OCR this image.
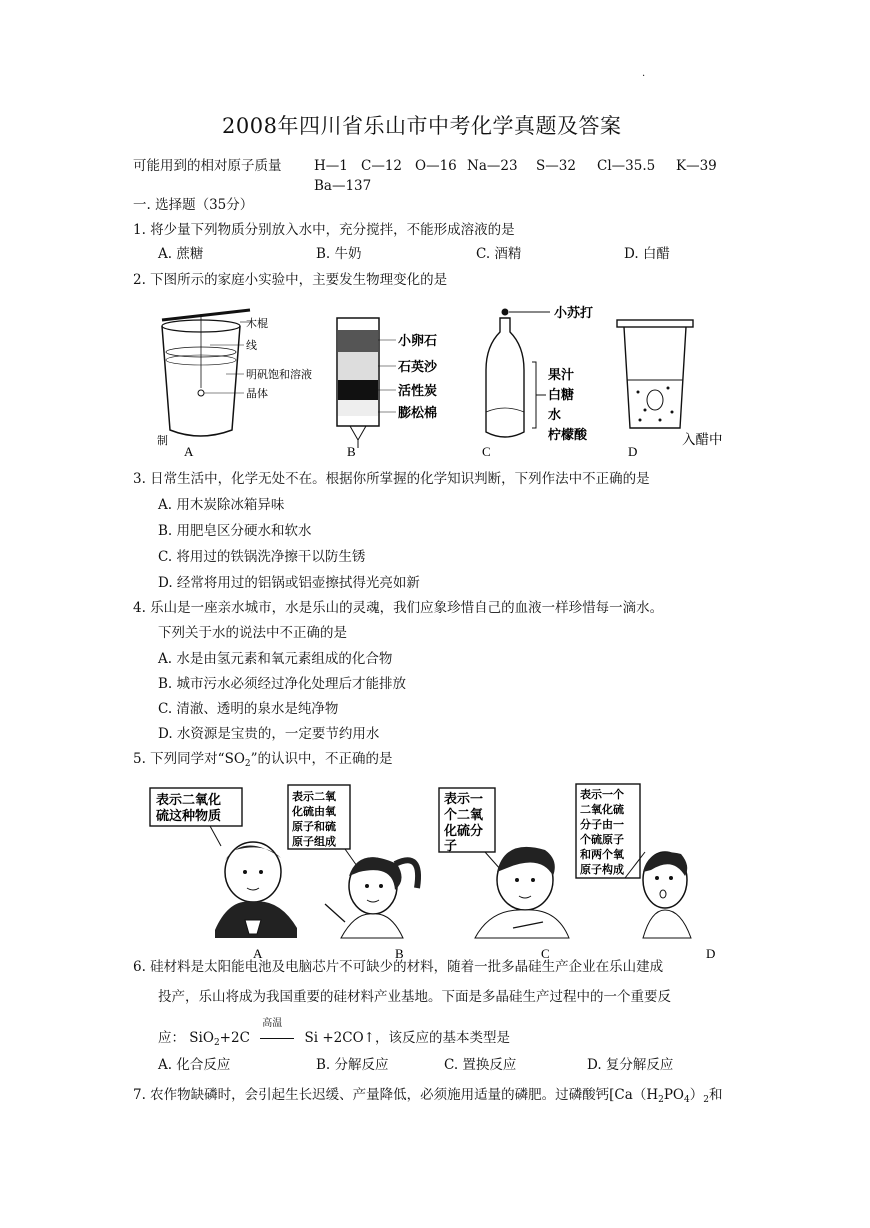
.
2008年四川省乐山市中考化学真题及答案
可能用到的相对原子质量 H—1 C—12 O—16 Na—23 S—32 Cl—35.5 K—39
Ba—137
一. 选择题（35分）
1. 将少量下列物质分别放入水中，充分搅拌，不能形成溶液的是
A. 蔗糖	B. 牛奶	C. 酒精	D. 白醋
2. 下图所示的家庭小实验中，主要发生物理变化的是
木棍
线
明矾饱和溶液
晶体
制
A
小卵石
石英沙
活性炭
膨松棉
B
小苏打
果汁
白糖
水
柠檬酸
C
入醋中
D
3. 日常生活中，化学无处不在。根据你所掌握的化学知识判断，下列作法中不正确的是
A. 用木炭除冰箱异味
B. 用肥皂区分硬水和软水
C. 将用过的铁锅洗净擦干以防生锈
D. 经常将用过的铝锅或铝壶擦拭得光亮如新
4. 乐山是一座亲水城市，水是乐山的灵魂，我们应象珍惜自己的血液一样珍惜每一滴水。
下列关于水的说法中不正确的是
A. 水是由氢元素和氧元素组成的化合物
B. 城市污水必须经过净化处理后才能排放
C. 清澈、透明的泉水是纯净物
D. 水资源是宝贵的，一定要节约用水
5. 下列同学对“$SO_2$”的认识中，不正确的是
表示二氧化
硫这种物质
A
表示二氧
化硫由氧
原子和硫
原子组成
B
表示一
个二氧
化硫分
子
C
表示一个
二氧化硫
分子由一
个硫原子
和两个氧
原子构成
D
6. 硅材料是太阳能电池及电脑芯片不可缺少的材料，随着一批多晶硅生产企业在乐山建成
投产，乐山将成为我国重要的硅材料产业基地。下面是多晶硅生产过程中的一个重要反
应： SiO$_2$+2C
高温
Si +2CO↑，该反应的基本类型是
A. 化合反应	B. 分解反应	C. 置换反应	D. 复分解反应
7. 农作物缺磷时，会引起生长迟缓、产量降低，必须施用适量的磷肥。过磷酸钙[$Ca(H_2PO_4)_2$和
